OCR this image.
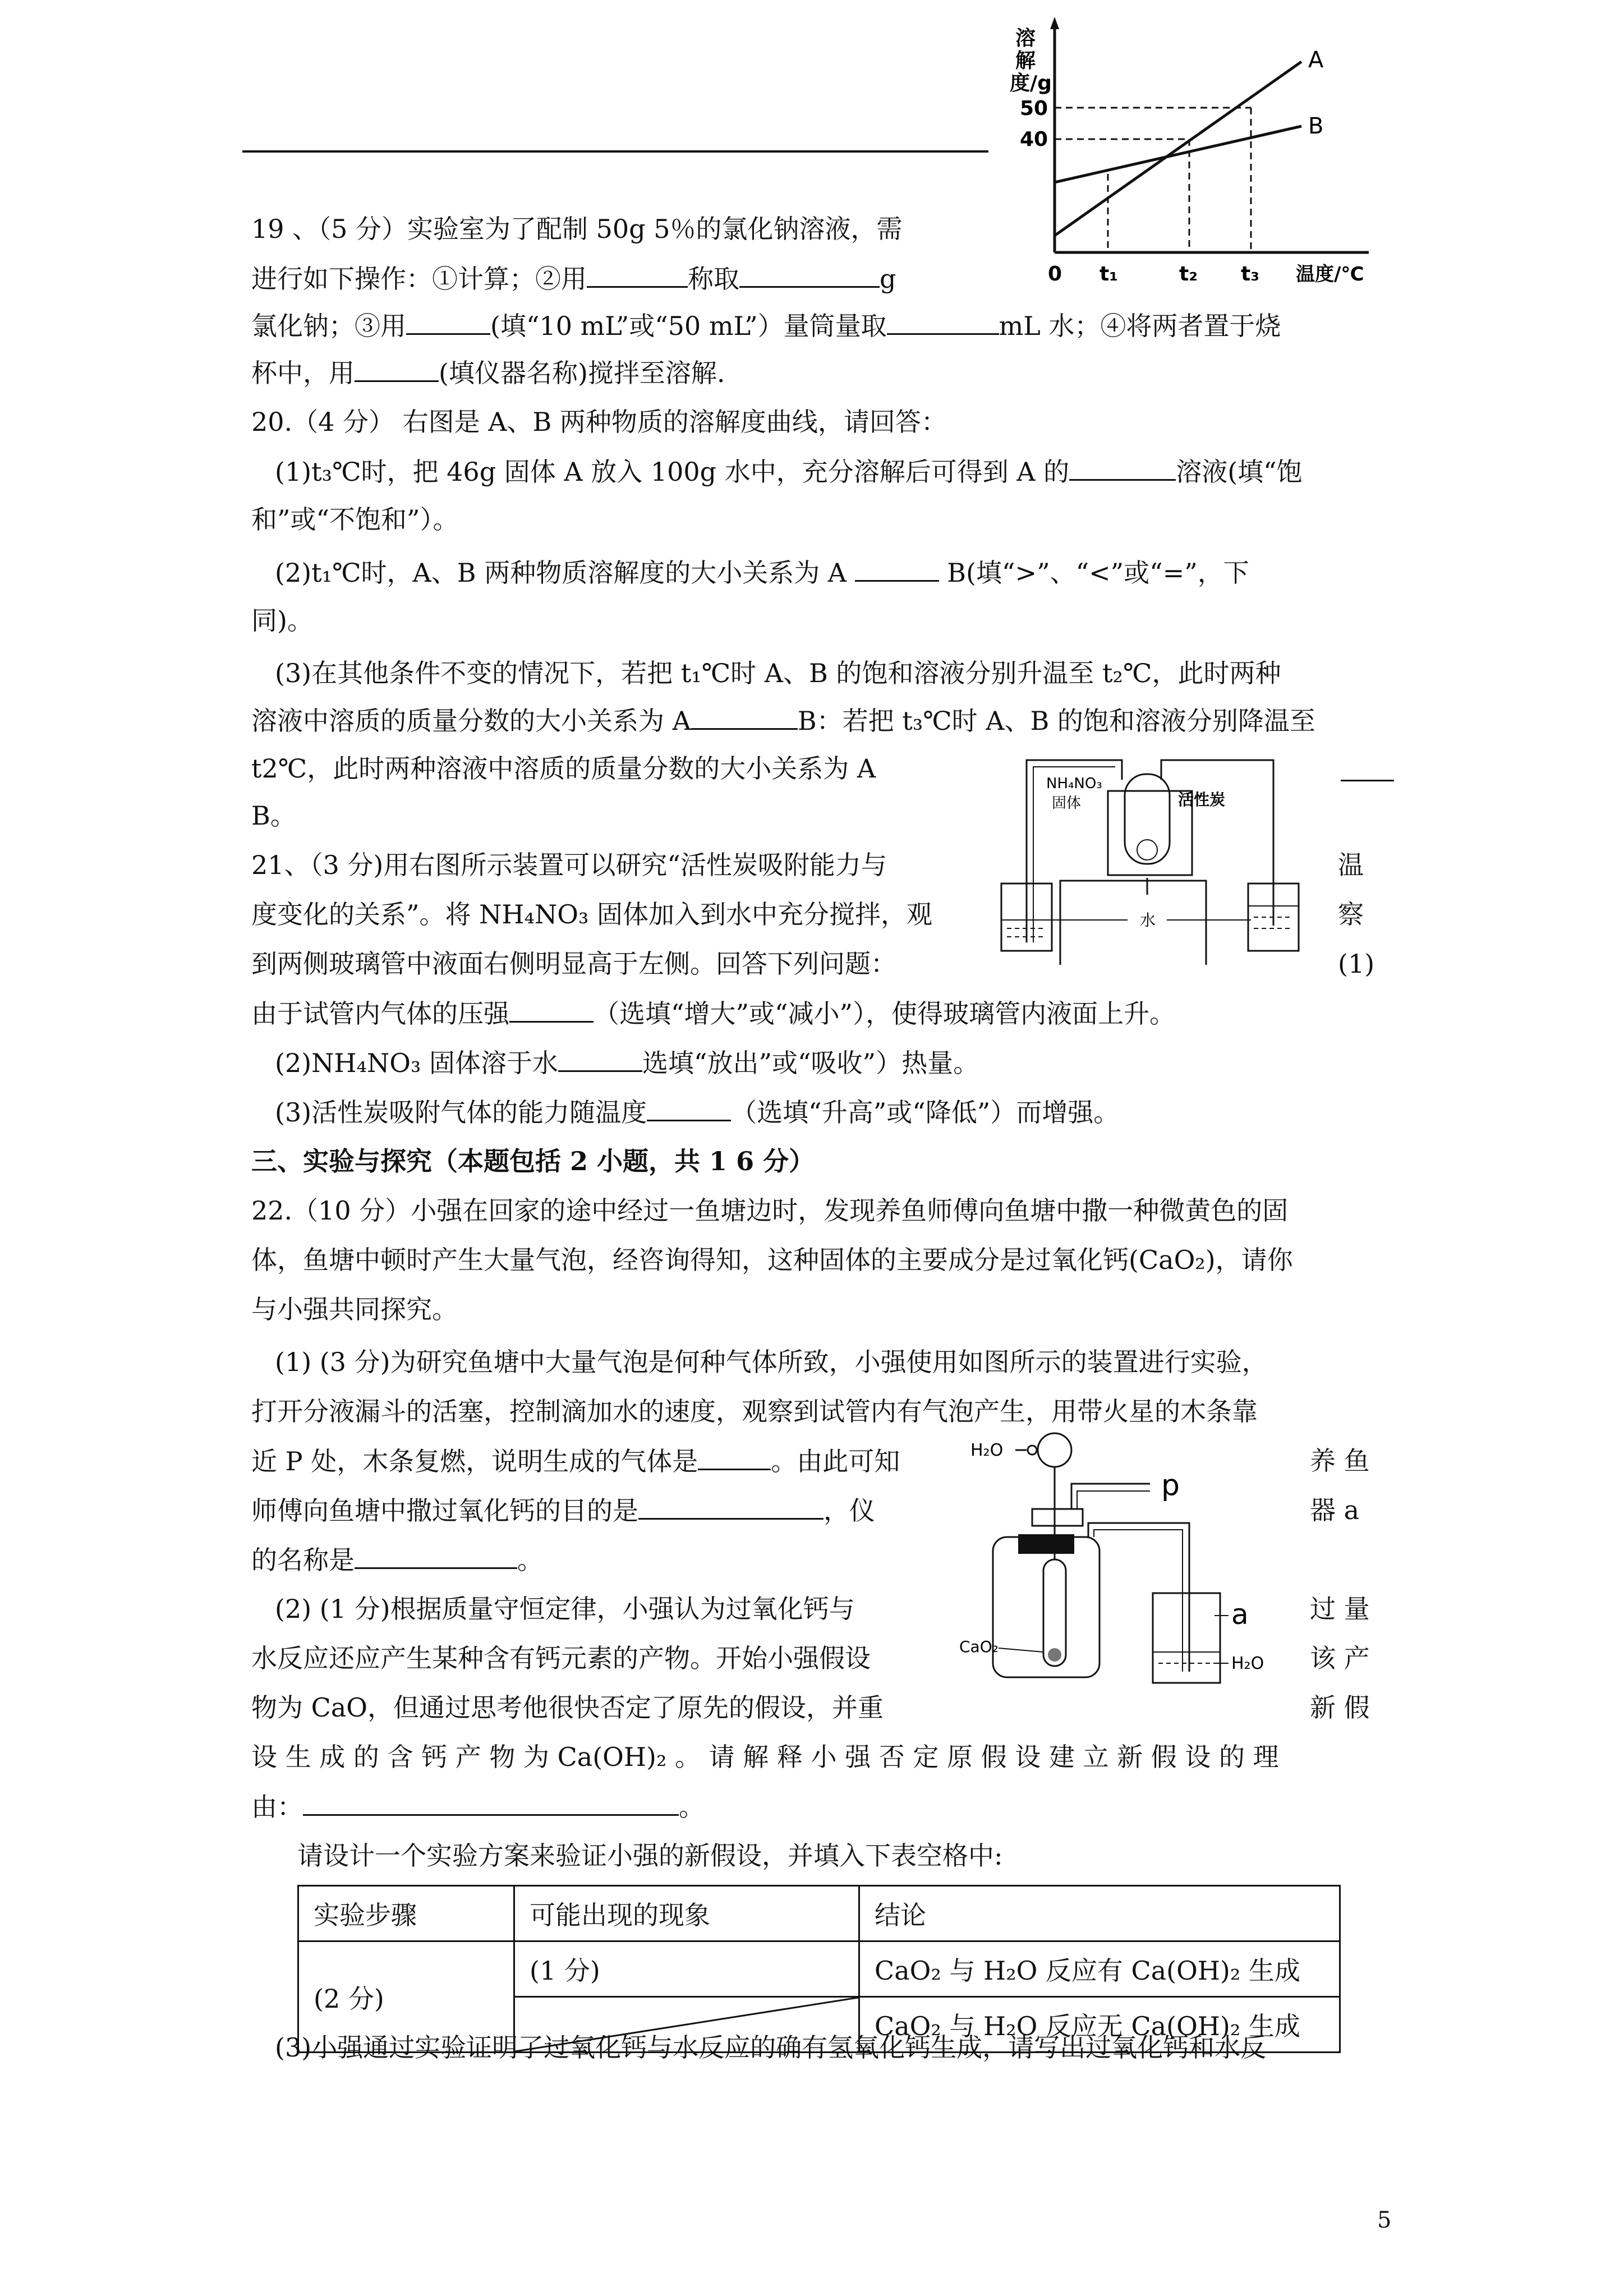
溶
解
度/g
50
40
0 t₁	t₂ t₃ 温度/℃
A
B
19 、（5 分）实验室为了配制 50g 5％的氯化钠溶液，需
进行如下操作：①计算；②用	称取	g
氯化钠；③用	(填“10 mL”或“50 mL”）量筒量取	mL 水；④将两者置于烧
杯中，用	(填仪器名称)搅拌至溶解.
20.（4 分） 右图是 A、B 两种物质的溶解度曲线，请回答：
(1)t₃℃时，把 46g 固体 A 放入 100g 水中，充分溶解后可得到 A 的	溶液(填“饱
和”或“不饱和”）。
(2)t₁℃时，A、B 两种物质溶解度的大小关系为 A	B(填“>”、“<”或“=”，下
同)。
(3)在其他条件不变的情况下，若把 t₁℃时 A、B 的饱和溶液分别升温至 t₂℃，此时两种
溶液中溶质的质量分数的大小关系为 A	B：若把 t₃℃时 A、B 的饱和溶液分别降温至
t2℃，此时两种溶液中溶质的质量分数的大小关系为 A
B。
NH₄NO₃
固体	活性炭
水
21、（3 分)用右图所示装置可以研究“活性炭吸附能力与	温
度变化的关系”。将 NH₄NO₃ 固体加入到水中充分搅拌，观	察
到两侧玻璃管中液面右侧明显高于左侧。回答下列问题：	(1)
由于试管内气体的压强	（选填“增大”或“减小”），使得玻璃管内液面上升。
(2)NH₄NO₃ 固体溶于水	选填“放出”或“吸收”）热量。
(3)活性炭吸附气体的能力随温度	（选填“升高”或“降低”）而增强。
三、实验与探究（本题包括 2 小题，共 1 6 分）
22.（10 分）小强在回家的途中经过一鱼塘边时，发现养鱼师傅向鱼塘中撒一种微黄色的固
体，鱼塘中顿时产生大量气泡，经咨询得知，这种固体的主要成分是过氧化钙(CaO₂)，请你
与小强共同探究。
(1) (3 分)为研究鱼塘中大量气泡是何种气体所致，小强使用如图所示的装置进行实验，
打开分液漏斗的活塞，控制滴加水的速度，观察到试管内有气泡产生，用带火星的木条靠
近 P 处，木条复燃，说明生成的气体是	。由此可知	养 鱼
师傅向鱼塘中撒过氧化钙的目的是	，仪	器 a
的名称是	。
(2) (1 分)根据质量守恒定律，小强认为过氧化钙与	过 量
水反应还应产生某种含有钙元素的产物。开始小强假设	该 产
物为 CaO，但通过思考他很快否定了原先的假设，并重	新 假
设 生 成 的 含 钙 产 物 为 Ca(OH)₂ 。 请 解 释 小 强 否 定 原 假 设 建 立 新 假 设 的 理
由：	。
请设计一个实验方案来验证小强的新假设，并填入下表空格中:
H₂O
p
CaO₂
a
H₂O
实验步骤	可能出现的现象	结论
(2 分)	(1 分)	CaO₂ 与 H₂O 反应有 Ca(OH)₂ 生成

	CaO₂ 与 H₂O 反应无 Ca(OH)₂ 生成
(3)小强通过实验证明了过氧化钙与水反应的确有氢氧化钙生成，请写出过氧化钙和水反
5
